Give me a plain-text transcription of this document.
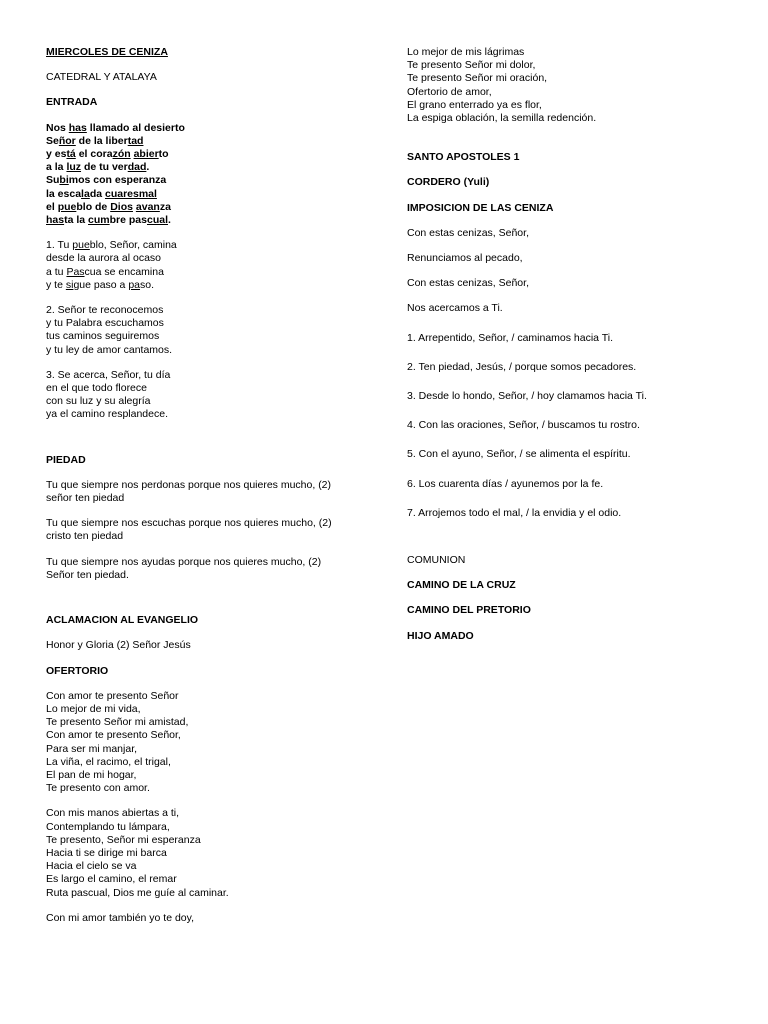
MIERCOLES DE CENIZA
CATEDRAL Y ATALAYA
ENTRADA
Nos has llamado al desierto
Señor de la libertad
y está el corazón abierto
a la luz de tu verdad.
Subimos con esperanza
la escalada cuaresmal
el pueblo de Dios avanza
hasta la cumbre pascual.
1. Tu pueblo, Señor, camina
desde la aurora al ocaso
a tu Pascua se encamina
y te sigue paso a paso.
2. Señor te reconocemos
y tu Palabra escuchamos
tus caminos seguiremos
y tu ley de amor cantamos.
3. Se acerca, Señor, tu día
en el que todo florece
con su luz y su alegría
ya el camino resplandece.
PIEDAD
Tu que siempre nos perdonas porque nos quieres mucho, (2)
señor ten piedad
Tu que siempre nos escuchas porque nos quieres mucho, (2)
cristo ten piedad
Tu que siempre nos ayudas porque nos quieres mucho, (2)
Señor ten piedad.
ACLAMACION AL EVANGELIO
Honor y Gloria (2) Señor Jesús
OFERTORIO
Con amor te presento Señor
Lo mejor de mi vida,
Te presento Señor mi amistad,
Con amor te presento Señor,
Para ser mi manjar,
La viña, el racimo, el trigal,
El pan de mi hogar,
Te presento con amor.
Con mis manos abiertas a ti,
Contemplando tu lámpara,
Te presento, Señor mi esperanza
Hacia ti se dirige mi barca
Hacia el cielo se va
Es largo el camino, el remar
Ruta pascual, Dios me guíe al caminar.
Con mi amor también yo te doy,
Lo mejor de mis lágrimas
Te presento Señor mi dolor,
Te presento Señor mi oración,
Ofertorio de amor,
El grano enterrado ya es flor,
La espiga oblación, la semilla redención.
SANTO APOSTOLES 1
CORDERO (Yuli)
IMPOSICION DE LAS CENIZA
Con estas cenizas, Señor,
Renunciamos al pecado,
Con estas cenizas, Señor,
Nos acercamos a Ti.
1. Arrepentido, Señor, / caminamos hacia Ti.
2. Ten piedad, Jesús, / porque somos pecadores.
3. Desde lo hondo, Señor, / hoy clamamos hacia Ti.
4. Con las oraciones, Señor, / buscamos tu rostro.
5. Con el ayuno, Señor, / se alimenta el espíritu.
6. Los cuarenta días / ayunemos por la fe.
7. Arrojemos todo el mal, / la envidia y el odio.
COMUNION
CAMINO DE LA CRUZ
CAMINO DEL PRETORIO
HIJO AMADO
